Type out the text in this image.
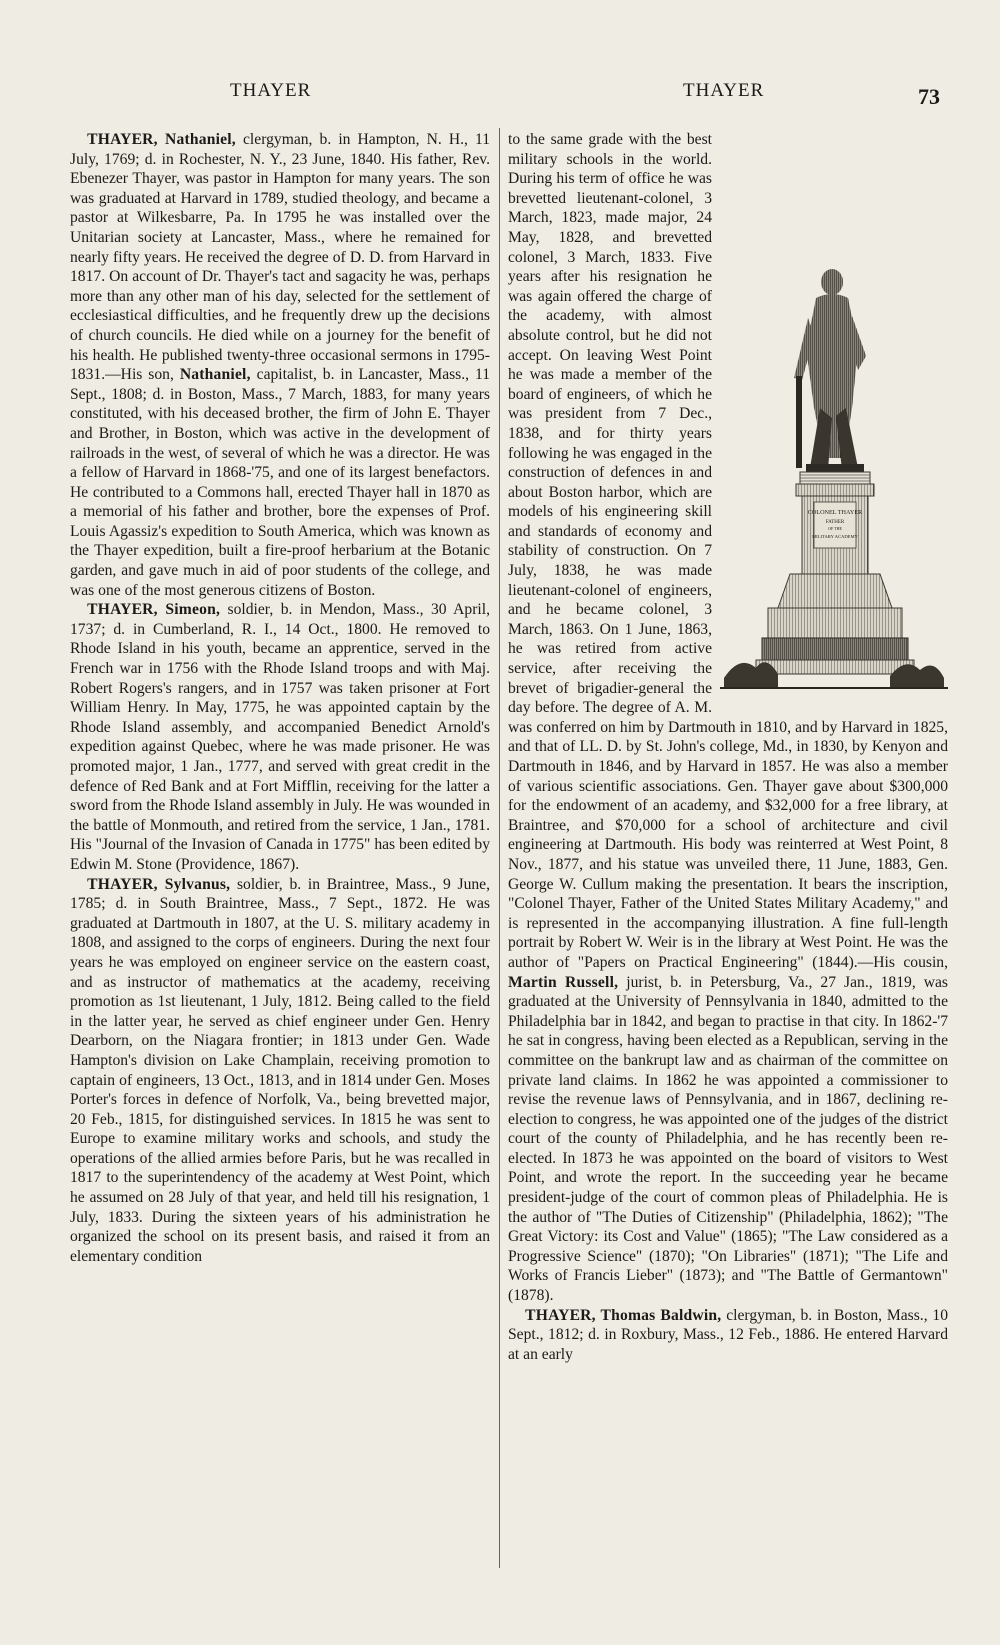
THAYER	THAYER	73

THAYER, Nathaniel, clergyman, b. in Hampton, N. H., 11 July, 1769; d. in Rochester, N. Y., 23 June, 1840. His father, Rev. Ebenezer Thayer, was pastor in Hampton for many years. The son was graduated at Harvard in 1789, studied theology, and became a pastor at Wilkesbarre, Pa. In 1795 he was installed over the Unitarian society at Lancaster, Mass., where he remained for nearly fifty years. He received the degree of D. D. from Harvard in 1817. On account of Dr. Thayer's tact and sagacity he was, perhaps more than any other man of his day, selected for the settlement of ecclesiastical difficulties, and he frequently drew up the decisions of church councils. He died while on a journey for the benefit of his health. He published twenty-three occasional sermons in 1795-1831.—His son, Nathaniel, capitalist, b. in Lancaster, Mass., 11 Sept., 1808; d. in Boston, Mass., 7 March, 1883, for many years constituted, with his deceased brother, the firm of John E. Thayer and Brother, in Boston, which was active in the development of railroads in the west, of several of which he was a director. He was a fellow of Harvard in 1868-'75, and one of its largest benefactors. He contributed to a Commons hall, erected Thayer hall in 1870 as a memorial of his father and brother, bore the expenses of Prof. Louis Agassiz's expedition to South America, which was known as the Thayer expedition, built a fire-proof herbarium at the Botanic garden, and gave much in aid of poor students of the college, and was one of the most generous citizens of Boston.

THAYER, Simeon, soldier, b. in Mendon, Mass., 30 April, 1737; d. in Cumberland, R. I., 14 Oct., 1800. He removed to Rhode Island in his youth, became an apprentice, served in the French war in 1756 with the Rhode Island troops and with Maj. Robert Rogers's rangers, and in 1757 was taken prisoner at Fort William Henry. In May, 1775, he was appointed captain by the Rhode Island assembly, and accompanied Benedict Arnold's expedition against Quebec, where he was made prisoner. He was promoted major, 1 Jan., 1777, and served with great credit in the defence of Red Bank and at Fort Mifflin, receiving for the latter a sword from the Rhode Island assembly in July. He was wounded in the battle of Monmouth, and retired from the service, 1 Jan., 1781. His "Journal of the Invasion of Canada in 1775" has been edited by Edwin M. Stone (Providence, 1867).

THAYER, Sylvanus, soldier, b. in Braintree, Mass., 9 June, 1785; d. in South Braintree, Mass., 7 Sept., 1872. He was graduated at Dartmouth in 1807, at the U. S. military academy in 1808, and assigned to the corps of engineers. During the next four years he was employed on engineer service on the eastern coast, and as instructor of mathematics at the academy, receiving promotion as 1st lieutenant, 1 July, 1812. Being called to the field in the latter year, he served as chief engineer under Gen. Henry Dearborn, on the Niagara frontier; in 1813 under Gen. Wade Hampton's division on Lake Champlain, receiving promotion to captain of engineers, 13 Oct., 1813, and in 1814 under Gen. Moses Porter's forces in defence of Norfolk, Va., being brevetted major, 20 Feb., 1815, for distinguished services. In 1815 he was sent to Europe to examine military works and schools, and study the operations of the allied armies before Paris, but he was recalled in 1817 to the superintendency of the academy at West Point, which he assumed on 28 July of that year, and held till his resignation, 1 July, 1833. During the sixteen years of his administration he organized the school on its present basis, and raised it from an elementary condition

COLONEL THAYER
FATHER
OF THE
MILITARY ACADEMY

to the same grade with the best military schools in the world. During his term of office he was brevetted lieutenant-colonel, 3 March, 1823, made major, 24 May, 1828, and brevetted colonel, 3 March, 1833. Five years after his resignation he was again offered the charge of the academy, with almost absolute control, but he did not accept. On leaving West Point he was made a member of the board of engineers, of which he was president from 7 Dec., 1838, and for thirty years following he was engaged in the construction of defences in and about Boston harbor, which are models of his engineering skill and standards of economy and stability of construction. On 7 July, 1838, he was made lieutenant-colonel of engineers, and he became colonel, 3 March, 1863. On 1 June, 1863, he was retired from active service, after receiving the brevet of brigadier-general the day before. The degree of A. M. was conferred on him by Dartmouth in 1810, and by Harvard in 1825, and that of LL. D. by St. John's college, Md., in 1830, by Kenyon and Dartmouth in 1846, and by Harvard in 1857. He was also a member of various scientific associations. Gen. Thayer gave about $300,000 for the endowment of an academy, and $32,000 for a free library, at Braintree, and $70,000 for a school of architecture and civil engineering at Dartmouth. His body was reinterred at West Point, 8 Nov., 1877, and his statue was unveiled there, 11 June, 1883, Gen. George W. Cullum making the presentation. It bears the inscription, "Colonel Thayer, Father of the United States Military Academy," and is represented in the accompanying illustration. A fine full-length portrait by Robert W. Weir is in the library at West Point. He was the author of "Papers on Practical Engineering" (1844).—His cousin, Martin Russell, jurist, b. in Petersburg, Va., 27 Jan., 1819, was graduated at the University of Pennsylvania in 1840, admitted to the Philadelphia bar in 1842, and began to practise in that city. In 1862-'7 he sat in congress, having been elected as a Republican, serving in the committee on the bankrupt law and as chairman of the committee on private land claims. In 1862 he was appointed a commissioner to revise the revenue laws of Pennsylvania, and in 1867, declining re-election to congress, he was appointed one of the judges of the district court of the county of Philadelphia, and he has recently been re-elected. In 1873 he was appointed on the board of visitors to West Point, and wrote the report. In the succeeding year he became president-judge of the court of common pleas of Philadelphia. He is the author of "The Duties of Citizenship" (Philadelphia, 1862); "The Great Victory: its Cost and Value" (1865); "The Law considered as a Progressive Science" (1870); "On Libraries" (1871); "The Life and Works of Francis Lieber" (1873); and "The Battle of Germantown" (1878).

THAYER, Thomas Baldwin, clergyman, b. in Boston, Mass., 10 Sept., 1812; d. in Roxbury, Mass., 12 Feb., 1886. He entered Harvard at an early
